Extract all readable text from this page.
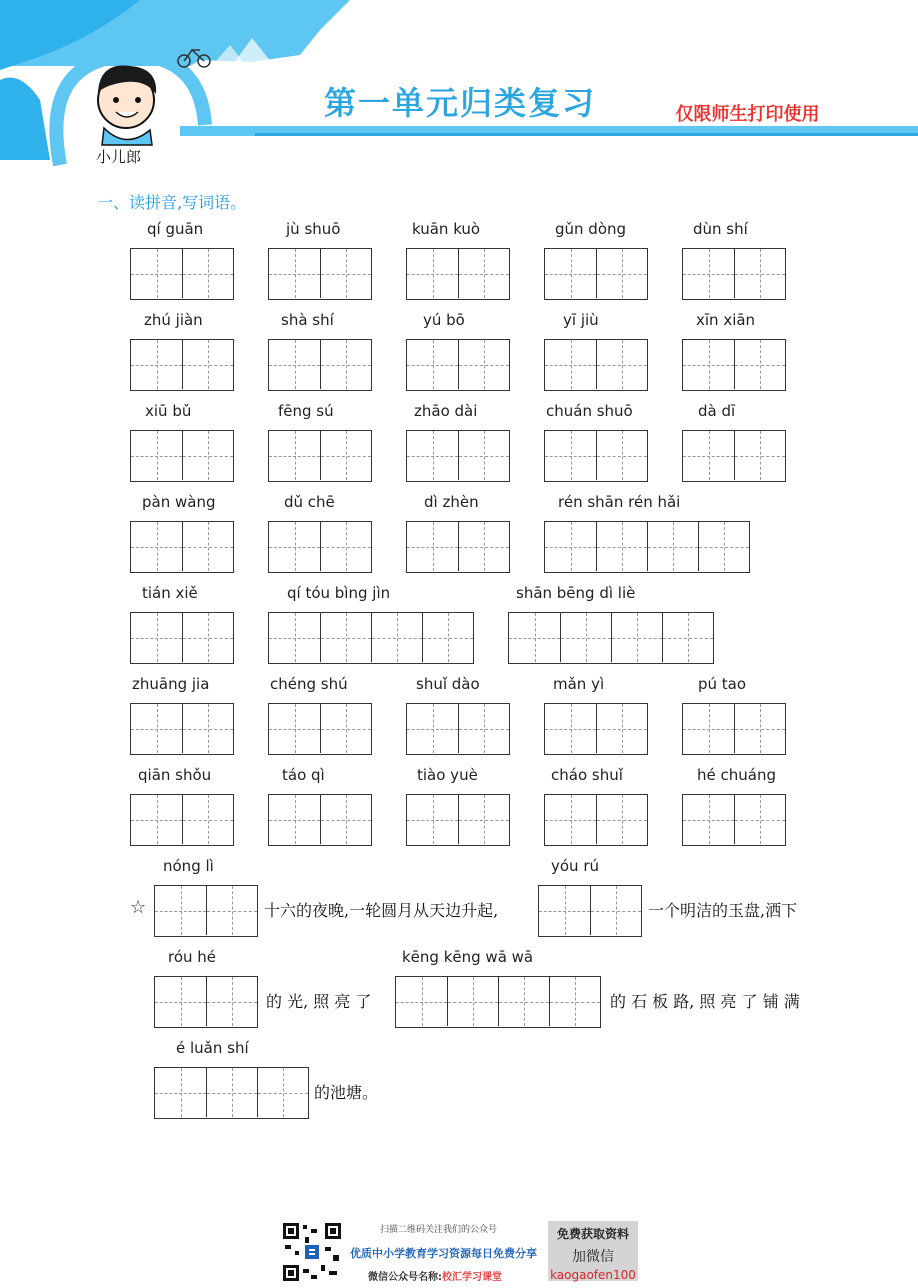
第一单元归类复习	仅限师生打印使用
小儿郎
一、读拼音,写词语。
qí guān	jù shuō	kuān kuò	gǔn dòng	dùn shí
zhú jiàn	shà shí	yú bō	yī jiù	xīn xiān
xiū bǔ	fēng sú	zhāo dài	chuán shuō	dà dī
pàn wàng	dǔ chē	dì zhèn	rén shān rén hǎi
tián xiě	qí tóu bìng jìn	shān bēng dì liè
zhuāng jia	chéng shú	shuǐ dào	mǎn yì	pú tao
qiān shǒu	táo qì	tiào yuè	cháo shuǐ	hé chuáng
nóng lì	yóu rú
☆	十六的夜晚,一轮圆月从天边升起,	一个明洁的玉盘,洒下
róu hé	kēng kēng wā wā
的 光, 照 亮 了	的 石 板 路, 照 亮 了 铺 满
é luǎn shí
的池塘。
扫描二维码关注我们的公众号
优质中小学教育学习资源每日免费分享
微信公众号名称:校汇学习课堂
免费获取资料
加微信
kaogaofen100
